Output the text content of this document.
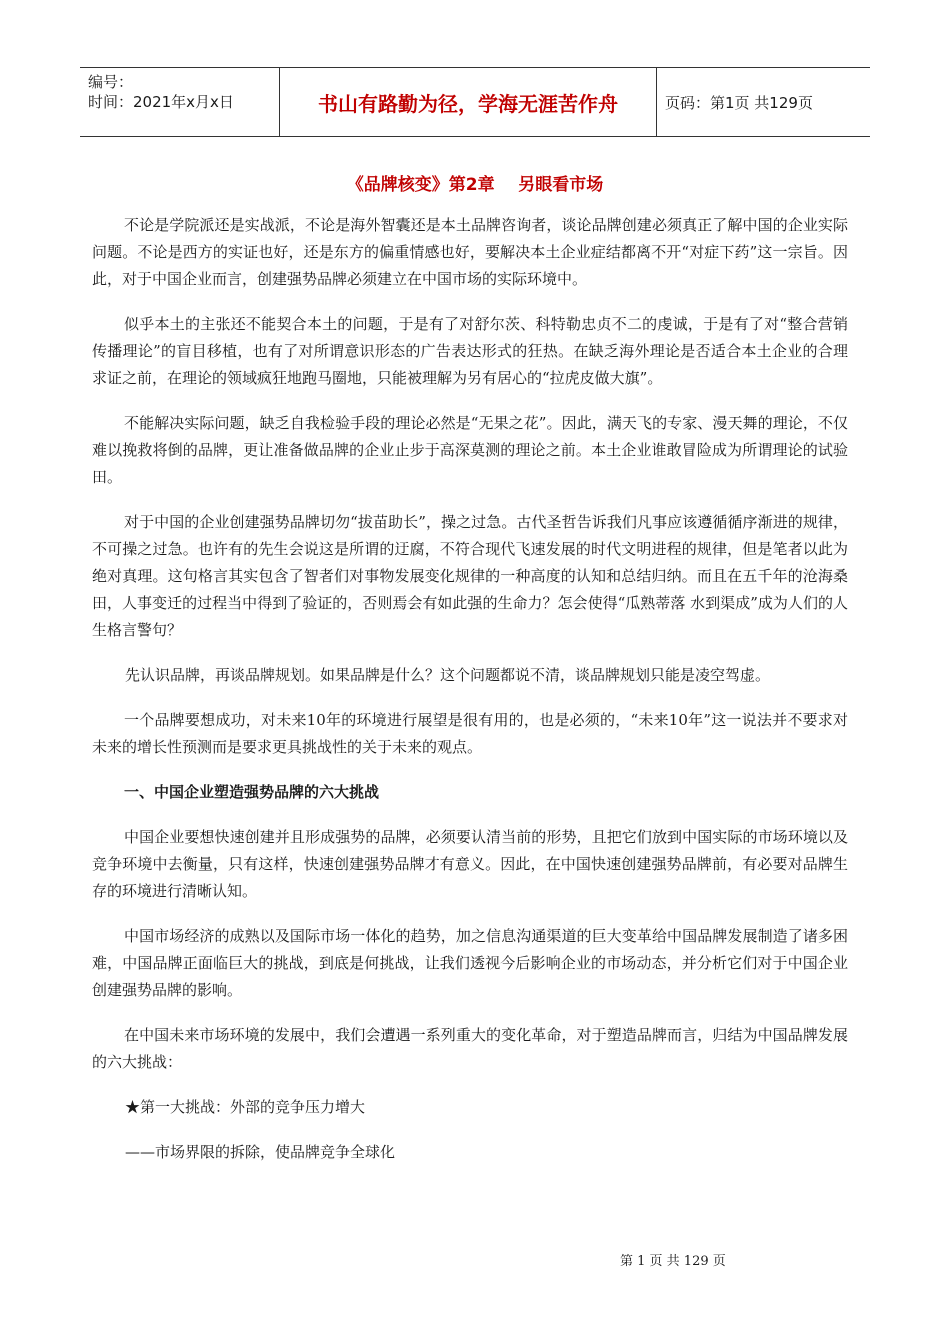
编号：
时间：2021年x月x日	书山有路勤为径，学海无涯苦作舟	页码：第1页 共129页
《品牌核变》第2章    另眼看市场

不论是学院派还是实战派，不论是海外智囊还是本土品牌咨询者，谈论品牌创建必须真正了解中国的企业实际问题。不论是西方的实证也好，还是东方的偏重情感也好，要解决本土企业症结都离不开“对症下药”这一宗旨。因此，对于中国企业而言，创建强势品牌必须建立在中国市场的实际环境中。

似乎本土的主张还不能契合本土的问题，于是有了对舒尔茨、科特勒忠贞不二的虔诚，于是有了对“整合营销传播理论”的盲目移植，也有了对所谓意识形态的广告表达形式的狂热。在缺乏海外理论是否适合本土企业的合理求证之前，在理论的领域疯狂地跑马圈地，只能被理解为另有居心的“拉虎皮做大旗”。

不能解决实际问题，缺乏自我检验手段的理论必然是“无果之花”。因此，满天飞的专家、漫天舞的理论，不仅难以挽救将倒的品牌，更让准备做品牌的企业止步于高深莫测的理论之前。本土企业谁敢冒险成为所谓理论的试验田。

对于中国的企业创建强势品牌切勿“拔苗助长”，操之过急。古代圣哲告诉我们凡事应该遵循循序渐进的规律，不可操之过急。也许有的先生会说这是所谓的迂腐，不符合现代飞速发展的时代文明进程的规律，但是笔者以此为绝对真理。这句格言其实包含了智者们对事物发展变化规律的一种高度的认知和总结归纳。而且在五千年的沧海桑田，人事变迁的过程当中得到了验证的，否则焉会有如此强的生命力？怎会使得“瓜熟蒂落 水到渠成”成为人们的人生格言警句？

先认识品牌，再谈品牌规划。如果品牌是什么？这个问题都说不清，谈品牌规划只能是凌空驾虚。

一个品牌要想成功，对未来10年的环境进行展望是很有用的，也是必须的，“未来10年”这一说法并不要求对未来的增长性预测而是要求更具挑战性的关于未来的观点。

一、中国企业塑造强势品牌的六大挑战

中国企业要想快速创建并且形成强势的品牌，必须要认清当前的形势，且把它们放到中国实际的市场环境以及竞争环境中去衡量，只有这样，快速创建强势品牌才有意义。因此，在中国快速创建强势品牌前，有必要对品牌生存的环境进行清晰认知。

中国市场经济的成熟以及国际市场一体化的趋势，加之信息沟通渠道的巨大变革给中国品牌发展制造了诸多困难，中国品牌正面临巨大的挑战，到底是何挑战，让我们透视今后影响企业的市场动态，并分析它们对于中国企业创建强势品牌的影响。

在中国未来市场环境的发展中，我们会遭遇一系列重大的变化革命，对于塑造品牌而言，归结为中国品牌发展的六大挑战：

★第一大挑战：外部的竞争压力增大

——市场界限的拆除，使品牌竞争全球化

第 1 页 共 129 页
